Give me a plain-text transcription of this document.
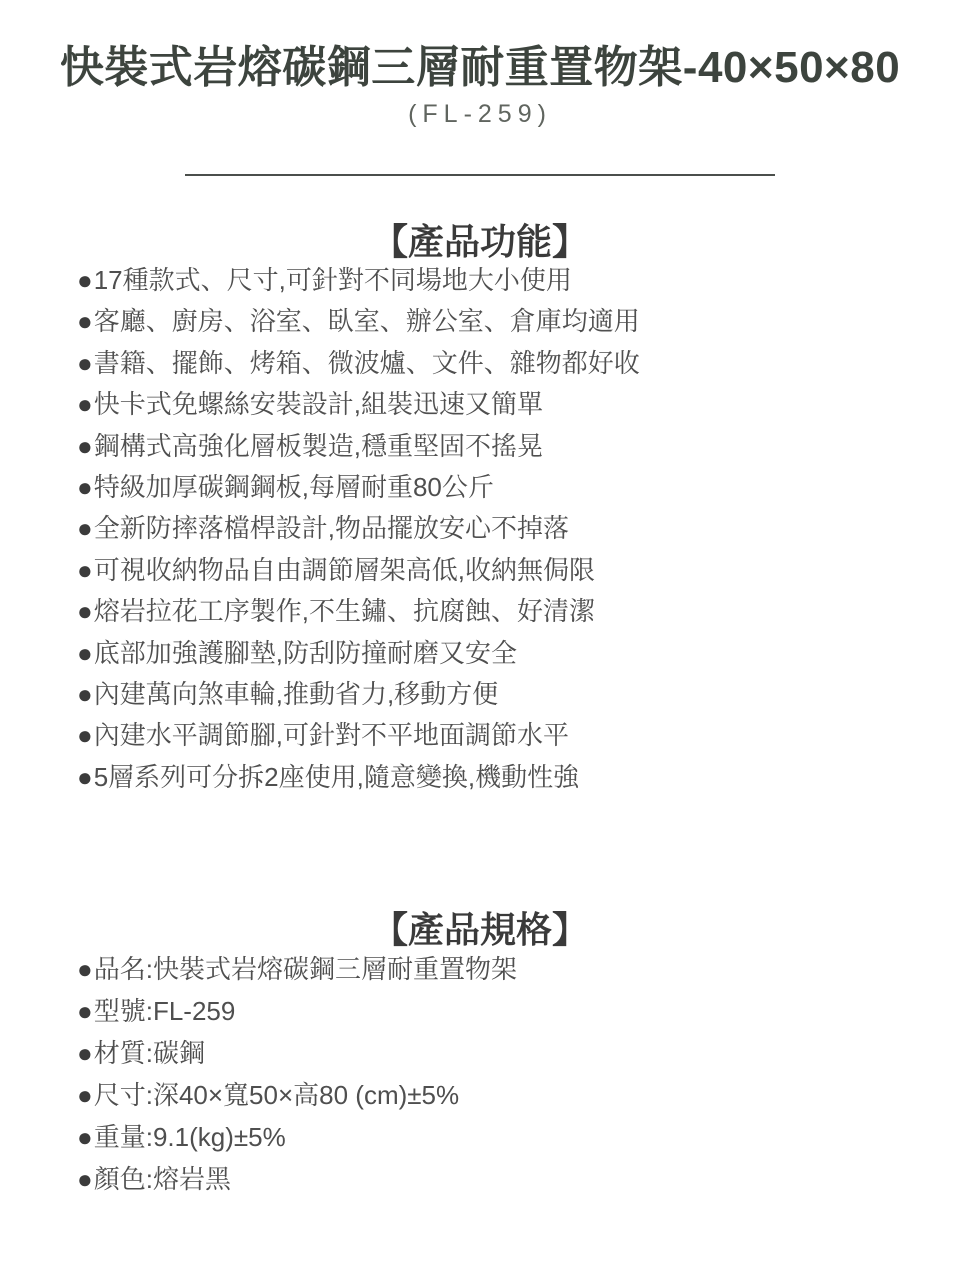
快裝式岩熔碳鋼三層耐重置物架-40×50×80

(FL-259)

【產品功能】
●17種款式、尺寸,可針對不同場地大小使用
●客廳、廚房、浴室、臥室、辦公室、倉庫均適用
●書籍、擺飾、烤箱、微波爐、文件、雜物都好收
●快卡式免螺絲安裝設計,組裝迅速又簡單
●鋼構式高強化層板製造,穩重堅固不搖晃
●特級加厚碳鋼鋼板,每層耐重80公斤
●全新防摔落檔桿設計,物品擺放安心不掉落
●可視收納物品自由調節層架高低,收納無侷限
●熔岩拉花工序製作,不生鏽、抗腐蝕、好清潔
●底部加強護腳墊,防刮防撞耐磨又安全
●內建萬向煞車輪,推動省力,移動方便
●內建水平調節腳,可針對不平地面調節水平
●5層系列可分拆2座使用,隨意變換,機動性強
【產品規格】
●品名:快裝式岩熔碳鋼三層耐重置物架
●型號:FL-259
●材質:碳鋼
●尺寸:深40×寬50×高80 (cm)±5%
●重量:9.1(kg)±5%
●顏色:熔岩黑
